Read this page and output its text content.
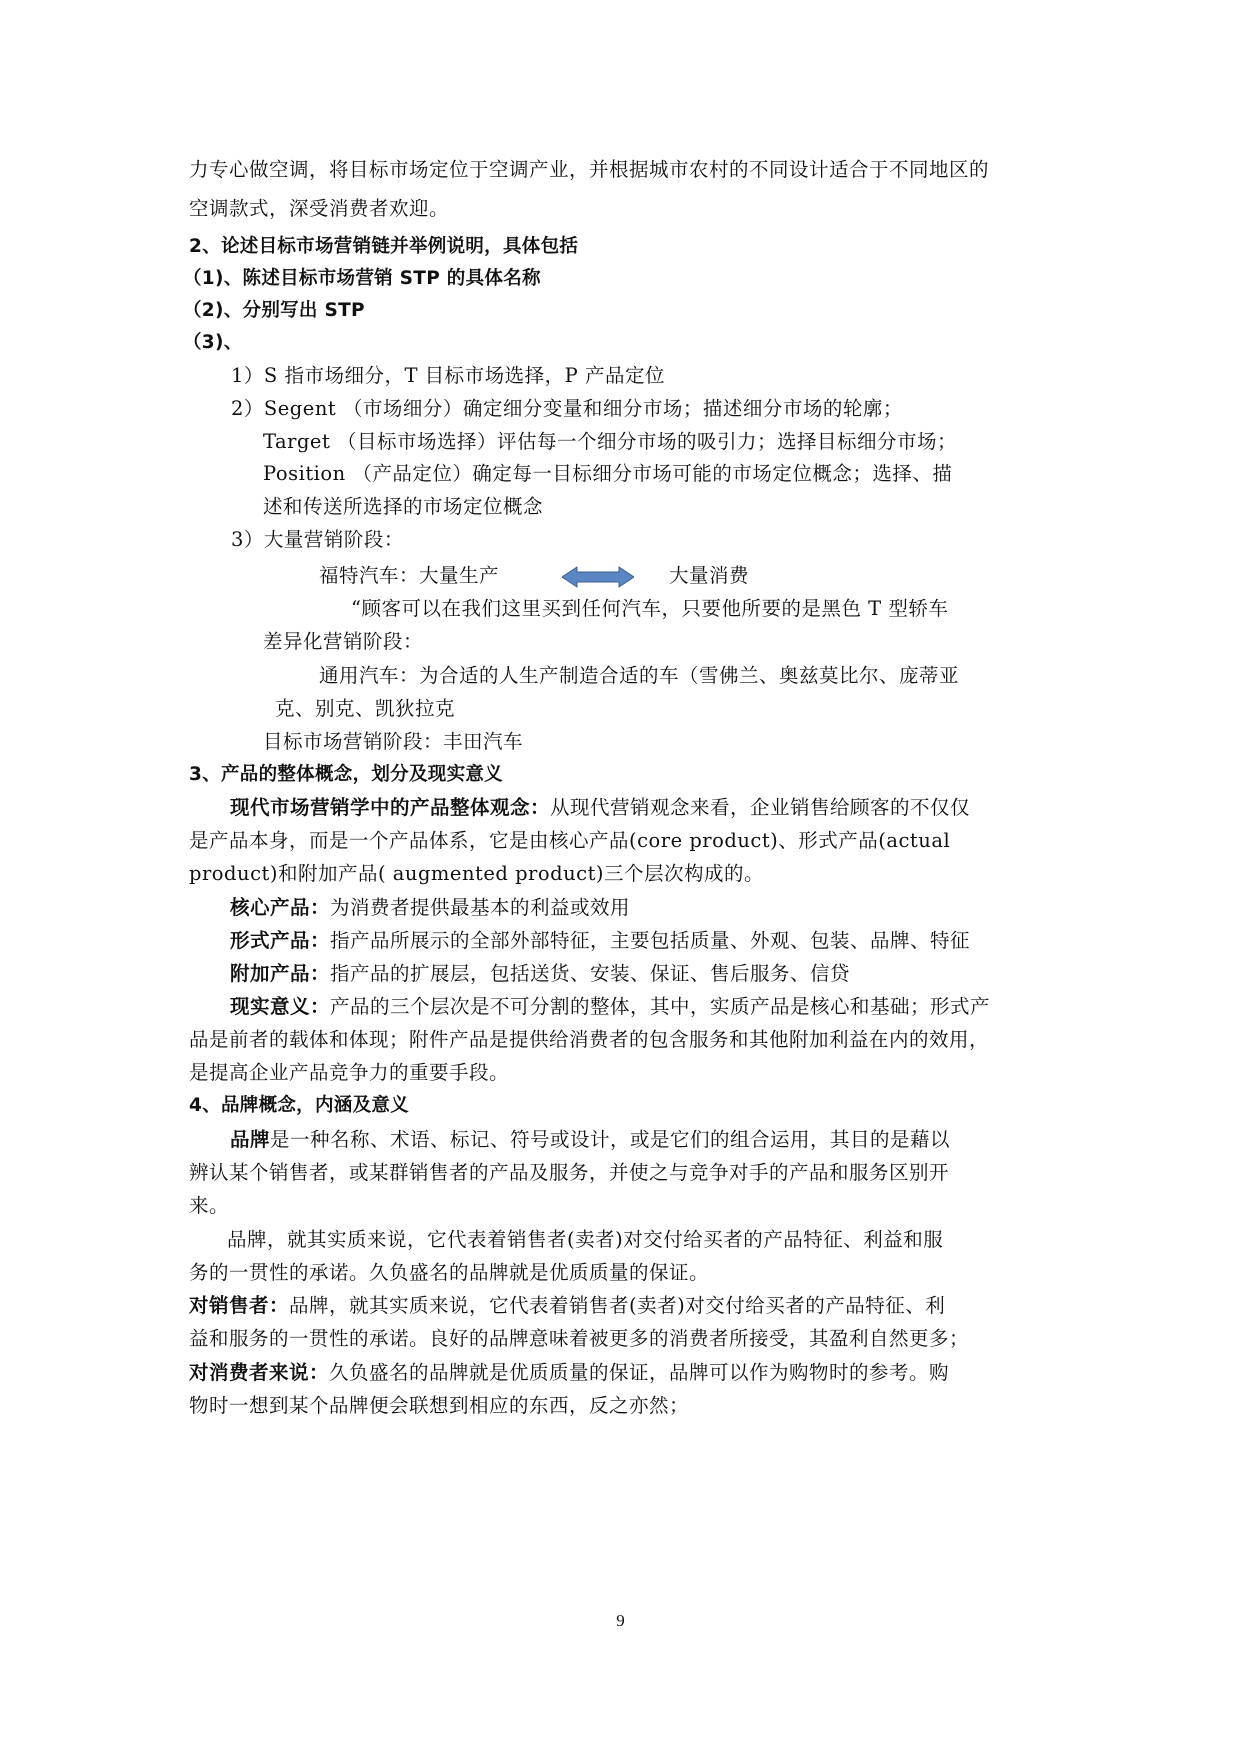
力专心做空调，将目标市场定位于空调产业，并根据城市农村的不同设计适合于不同地区的
空调款式，深受消费者欢迎。
2、论述目标市场营销链并举例说明，具体包括
（1)、陈述目标市场营销 STP 的具体名称
（2)、分别写出 STP
（3)、
1）S 指市场细分，T 目标市场选择，P 产品定位
2）Segent （市场细分）确定细分变量和细分市场；描述细分市场的轮廓；
Target （目标市场选择）评估每一个细分市场的吸引力；选择目标细分市场；
Position （产品定位）确定每一目标细分市场可能的市场定位概念；选择、描
述和传送所选择的市场定位概念
3）大量营销阶段：
福特汽车：大量生产	大量消费
“顾客可以在我们这里买到任何汽车，只要他所要的是黑色 T 型轿车
差异化营销阶段：
通用汽车：为合适的人生产制造合适的车（雪佛兰、奥兹莫比尔、庞蒂亚
克、别克、凯狄拉克
目标市场营销阶段：丰田汽车
3、产品的整体概念，划分及现实意义
现代市场营销学中的产品整体观念：从现代营销观念来看，企业销售给顾客的不仅仅
是产品本身，而是一个产品体系，它是由核心产品(core product)、形式产品(actual
product)和附加产品( augmented product)三个层次构成的。
核心产品：为消费者提供最基本的利益或效用
形式产品：指产品所展示的全部外部特征，主要包括质量、外观、包装、品牌、特征
附加产品：指产品的扩展层，包括送货、安装、保证、售后服务、信贷
现实意义：产品的三个层次是不可分割的整体，其中，实质产品是核心和基础；形式产
品是前者的载体和体现；附件产品是提供给消费者的包含服务和其他附加利益在内的效用，
是提高企业产品竞争力的重要手段。
4、品牌概念，内涵及意义
品牌是一种名称、术语、标记、符号或设计，或是它们的组合运用，其目的是藉以
辨认某个销售者，或某群销售者的产品及服务，并使之与竞争对手的产品和服务区别开
来。
品牌，就其实质来说，它代表着销售者(卖者)对交付给买者的产品特征、利益和服
务的一贯性的承诺。久负盛名的品牌就是优质质量的保证。
对销售者：品牌，就其实质来说，它代表着销售者(卖者)对交付给买者的产品特征、利
益和服务的一贯性的承诺。良好的品牌意味着被更多的消费者所接受，其盈利自然更多；
对消费者来说：久负盛名的品牌就是优质质量的保证，品牌可以作为购物时的参考。购
物时一想到某个品牌便会联想到相应的东西，反之亦然；
9
